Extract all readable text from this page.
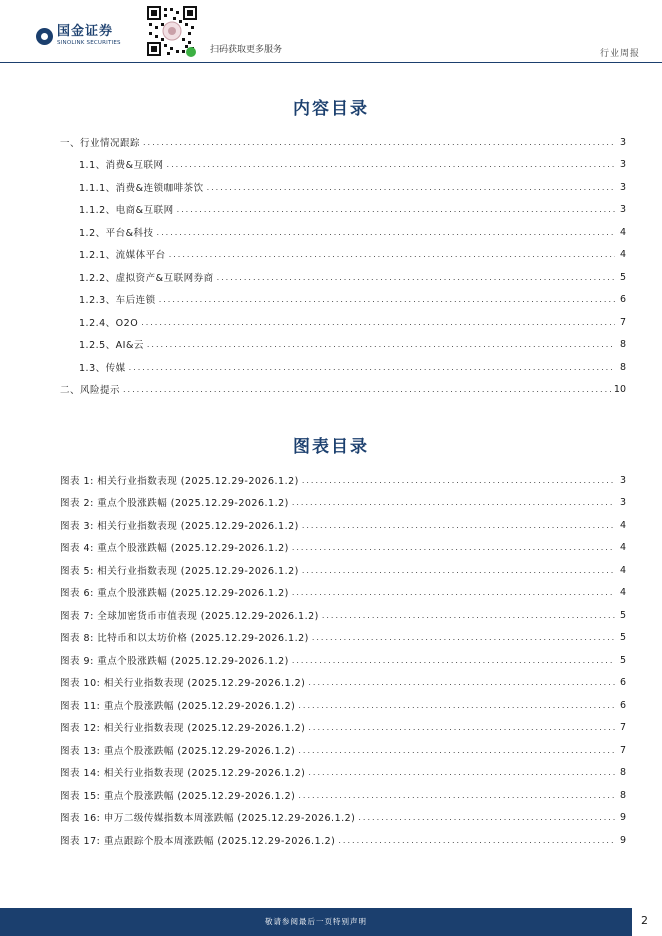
国金证券
SINOLINK SECURITIES
扫码获取更多服务	行业周报
内容目录
一、行业情况跟踪 .....	3
1.1、消费&互联网 .....	3
1.1.1、消费&连锁咖啡茶饮 .....	3
1.1.2、电商&互联网 .....	3
1.2、平台&科技 .....	4
1.2.1、流媒体平台 .....	4
1.2.2、虚拟资产&互联网券商 .....	5
1.2.3、车后连锁 .....	6
1.2.4、O2O .....	7
1.2.5、AI&云 .....	8
1.3、传媒 .....	8
二、风险提示 .....	10
图表目录
图表 1: 相关行业指数表现 (2025.12.29-2026.1.2) .....	3
图表 2: 重点个股涨跌幅 (2025.12.29-2026.1.2) .....	3
图表 3: 相关行业指数表现 (2025.12.29-2026.1.2) .....	4
图表 4: 重点个股涨跌幅 (2025.12.29-2026.1.2) .....	4
图表 5: 相关行业指数表现 (2025.12.29-2026.1.2) .....	4
图表 6: 重点个股涨跌幅 (2025.12.29-2026.1.2) .....	4
图表 7: 全球加密货币市值表现 (2025.12.29-2026.1.2) .....	5
图表 8: 比特币和以太坊价格 (2025.12.29-2026.1.2) .....	5
图表 9: 重点个股涨跌幅 (2025.12.29-2026.1.2) .....	5
图表 10: 相关行业指数表现 (2025.12.29-2026.1.2) .....	6
图表 11: 重点个股涨跌幅 (2025.12.29-2026.1.2) .....	6
图表 12: 相关行业指数表现 (2025.12.29-2026.1.2) .....	7
图表 13: 重点个股涨跌幅 (2025.12.29-2026.1.2) .....	7
图表 14: 相关行业指数表现 (2025.12.29-2026.1.2) .....	8
图表 15: 重点个股涨跌幅 (2025.12.29-2026.1.2) .....	8
图表 16: 申万二级传媒指数本周涨跌幅 (2025.12.29-2026.1.2) .....	9
图表 17: 重点跟踪个股本周涨跌幅 (2025.12.29-2026.1.2) .....	9
敬请参阅最后一页特别声明	2
